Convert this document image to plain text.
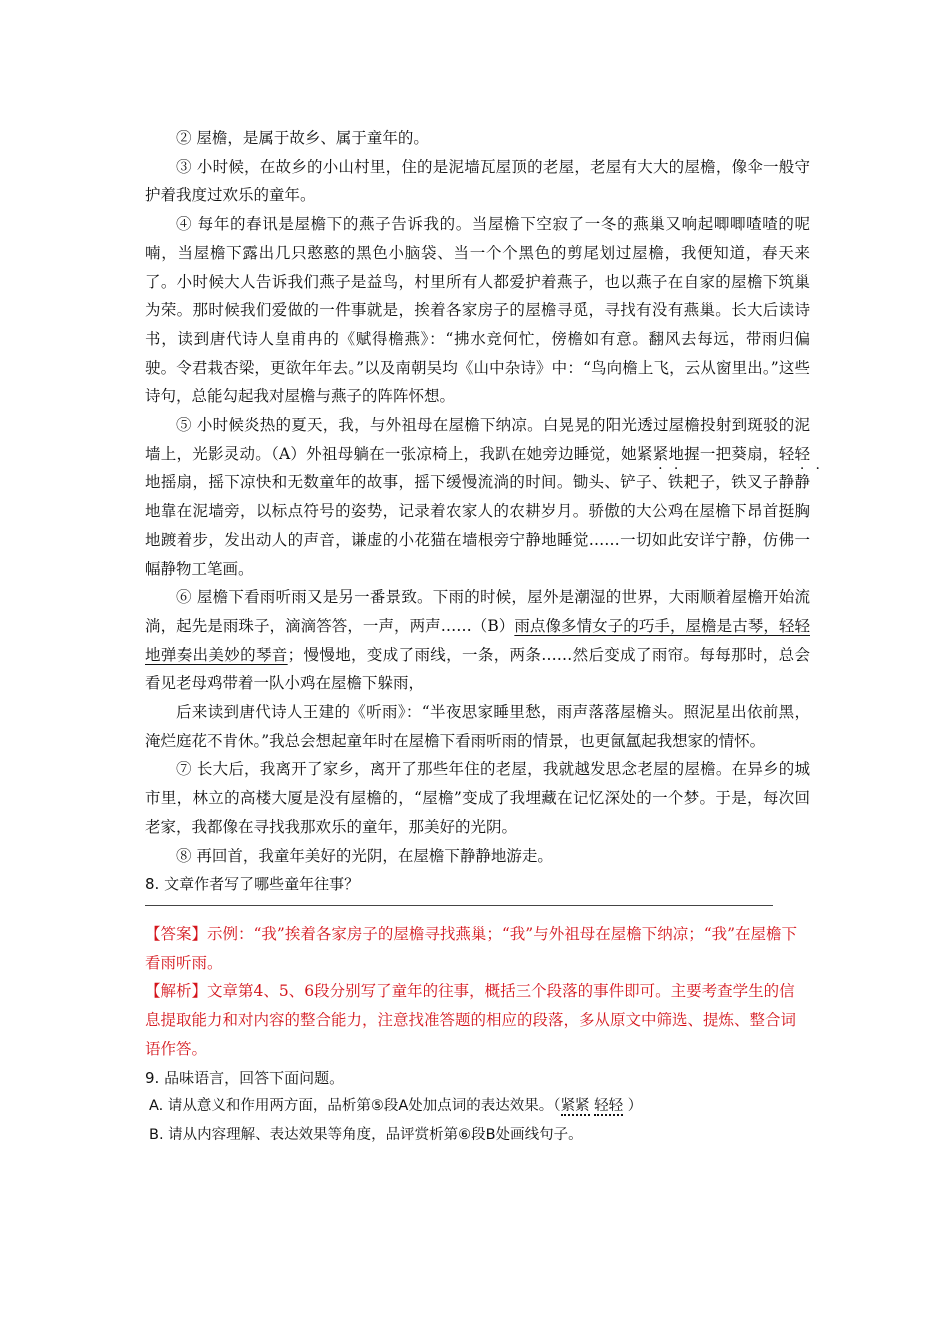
② 屋檐，是属于故乡、属于童年的。

③ 小时候，在故乡的小山村里，住的是泥墙瓦屋顶的老屋，老屋有大大的屋檐，像伞一般守护着我度过欢乐的童年。

④ 每年的春讯是屋檐下的燕子告诉我的。当屋檐下空寂了一冬的燕巢又响起唧唧喳喳的呢喃，当屋檐下露出几只憨憨的黑色小脑袋、当一个个黑色的剪尾划过屋檐，我便知道，春天来了。小时候大人告诉我们燕子是益鸟，村里所有人都爱护着燕子，也以燕子在自家的屋檐下筑巢为荣。那时候我们爱做的一件事就是，挨着各家房子的屋檐寻觅，寻找有没有燕巢。长大后读诗书，读到唐代诗人皇甫冉的《赋得檐燕》：“拂水竞何忙，傍檐如有意。翻风去每远，带雨归偏驶。令君栽杏梁，更欲年年去。”以及南朝吴均《山中杂诗》中：“鸟向檐上飞，云从窗里出。”这些诗句，总能勾起我对屋檐与燕子的阵阵怀想。

⑤ 小时候炎热的夏天，我，与外祖母在屋檐下纳凉。白晃晃的阳光透过屋檐投射到斑驳的泥墙上，光影灵动。（A）外祖母躺在一张凉椅上，我趴在她旁边睡觉，她紧紧地握一把葵扇，轻轻地摇扇，摇下凉快和无数童年的故事，摇下缓慢流淌的时间。锄头、铲子、铁耙子，铁叉子静静地靠在泥墙旁，以标点符号的姿势，记录着农家人的农耕岁月。骄傲的大公鸡在屋檐下昂首挺胸地踱着步，发出动人的声音，谦虚的小花猫在墙根旁宁静地睡觉……一切如此安详宁静，仿佛一幅静物工笔画。

⑥ 屋檐下看雨听雨又是另一番景致。下雨的时候，屋外是潮湿的世界，大雨顺着屋檐开始流淌，起先是雨珠子，滴滴答答，一声，两声……（B）雨点像多情女子的巧手，屋檐是古琴，轻轻地弹奏出美妙的琴音；慢慢地，变成了雨线，一条，两条……然后变成了雨帘。每每那时，总会看见老母鸡带着一队小鸡在屋檐下躲雨，

后来读到唐代诗人王建的《听雨》：“半夜思家睡里愁，雨声落落屋檐头。照泥星出依前黑，淹烂庭花不肯休。”我总会想起童年时在屋檐下看雨听雨的情景，也更氤氲起我想家的情怀。

⑦ 长大后，我离开了家乡，离开了那些年住的老屋，我就越发思念老屋的屋檐。在异乡的城市里，林立的高楼大厦是没有屋檐的，“屋檐”变成了我埋藏在记忆深处的一个梦。于是，每次回老家，我都像在寻找我那欢乐的童年，那美好的光阴。

⑧ 再回首，我童年美好的光阴，在屋檐下静静地游走。

8. 文章作者写了哪些童年往事？

【答案】示例：“我”挨着各家房子的屋檐寻找燕巢；“我”与外祖母在屋檐下纳凉；“我”在屋檐下看雨听雨。

【解析】文章第4、5、6段分别写了童年的往事，概括三个段落的事件即可。主要考查学生的信息提取能力和对内容的整合能力，注意找准答题的相应的段落，多从原文中筛选、提炼、整合词语作答。

9. 品味语言，回答下面问题。

A. 请从意义和作用两方面，品析第⑤段A处加点词的表达效果。（紧紧 轻轻 ）

B. 请从内容理解、表达效果等角度，品评赏析第⑥段B处画线句子。
